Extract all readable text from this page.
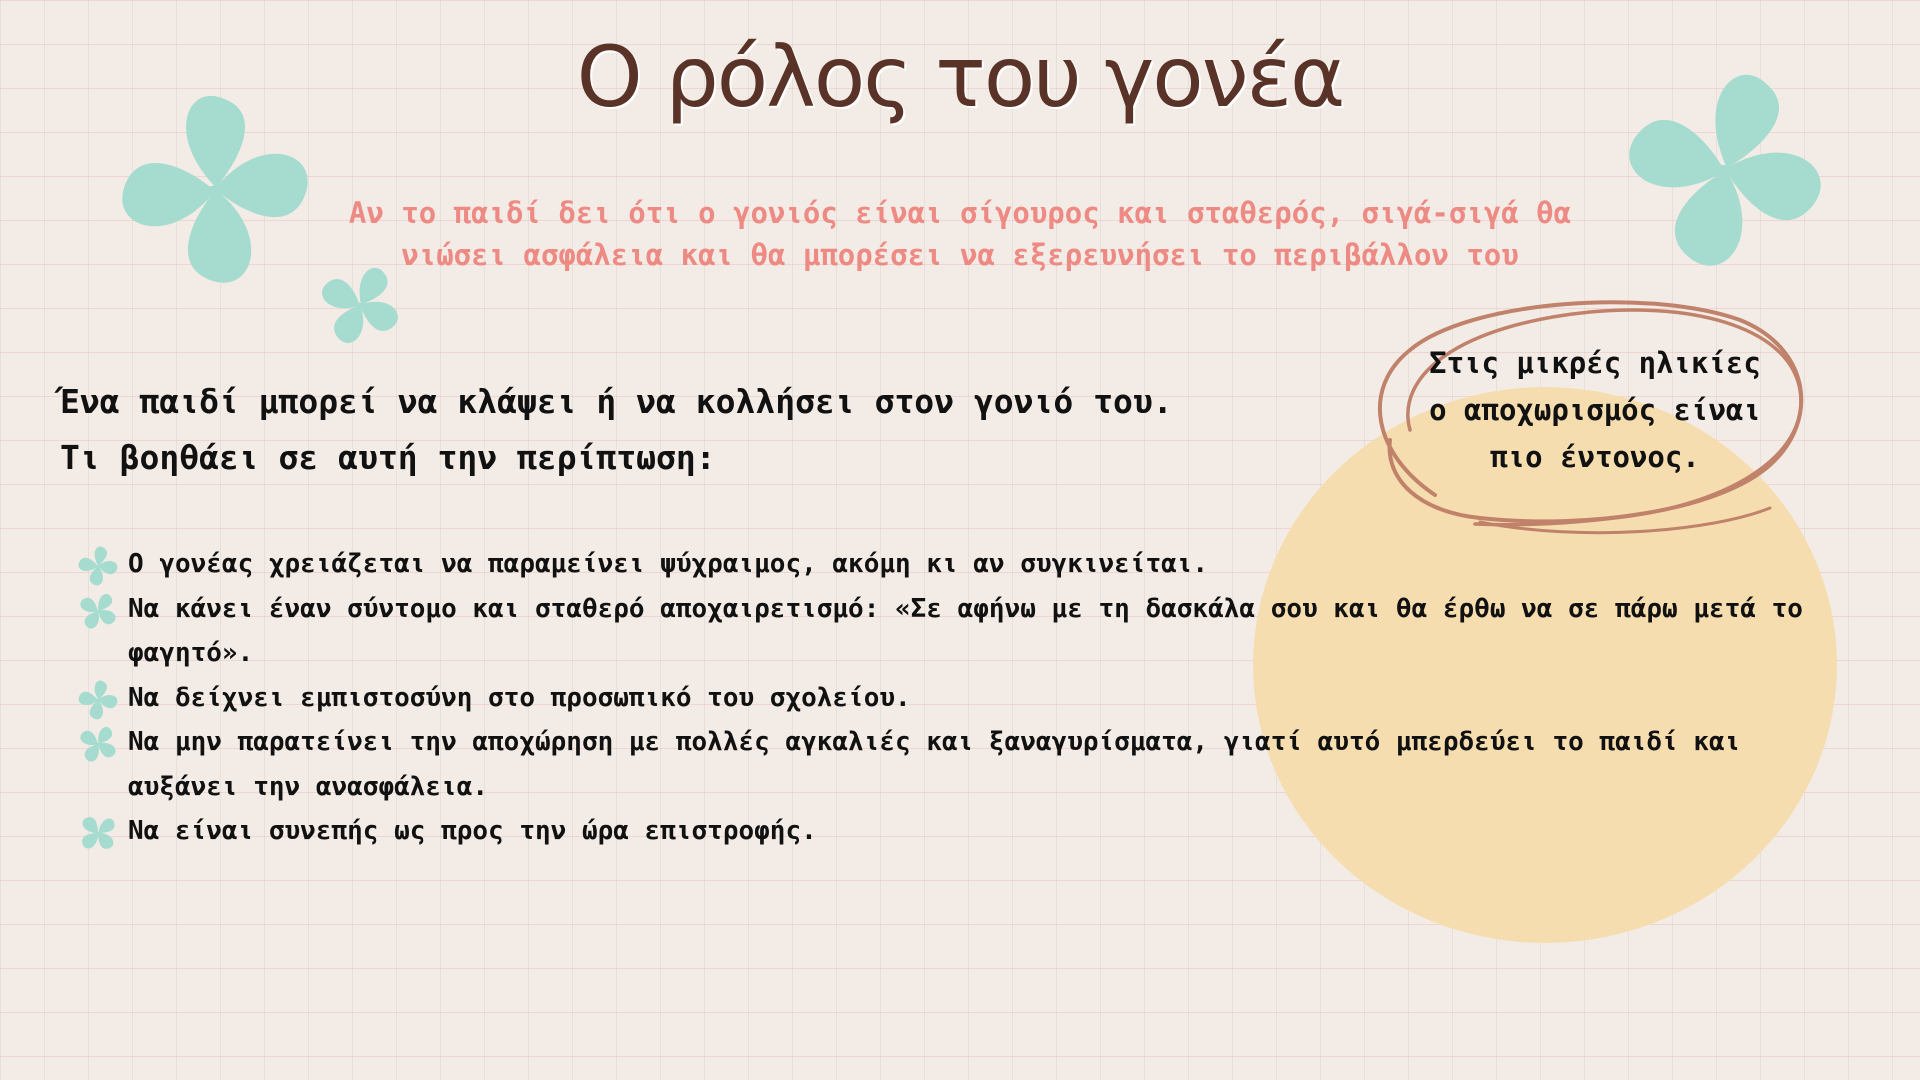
Ο ρόλος του γονέα

Αν το παιδί δει ότι ο γονιός είναι σίγουρος και σταθερός, σιγά-σιγά θα νιώσει ασφάλεια και θα μπορέσει να εξερευνήσει το περιβάλλον του

Ένα παιδί μπορεί να κλάψει ή να κολλήσει στον γονιό του.
Τι βοηθάει σε αυτή την περίπτωση:
Ο γονέας χρειάζεται να παραμείνει ψύχραιμος, ακόμη κι αν συγκινείται.
Να κάνει έναν σύντομο και σταθερό αποχαιρετισμό: «Σε αφήνω με τη δασκάλα σου και θα έρθω να σε πάρω μετά το φαγητό».
Να δείχνει εμπιστοσύνη στο προσωπικό του σχολείου.
Να μην παρατείνει την αποχώρηση με πολλές αγκαλιές και ξαναγυρίσματα, γιατί αυτό μπερδεύει το παιδί και αυξάνει την ανασφάλεια.
Να είναι συνεπής ως προς την ώρα επιστροφής.
Στις μικρές ηλικίες
ο αποχωρισμός είναι
πιο έντονος.
